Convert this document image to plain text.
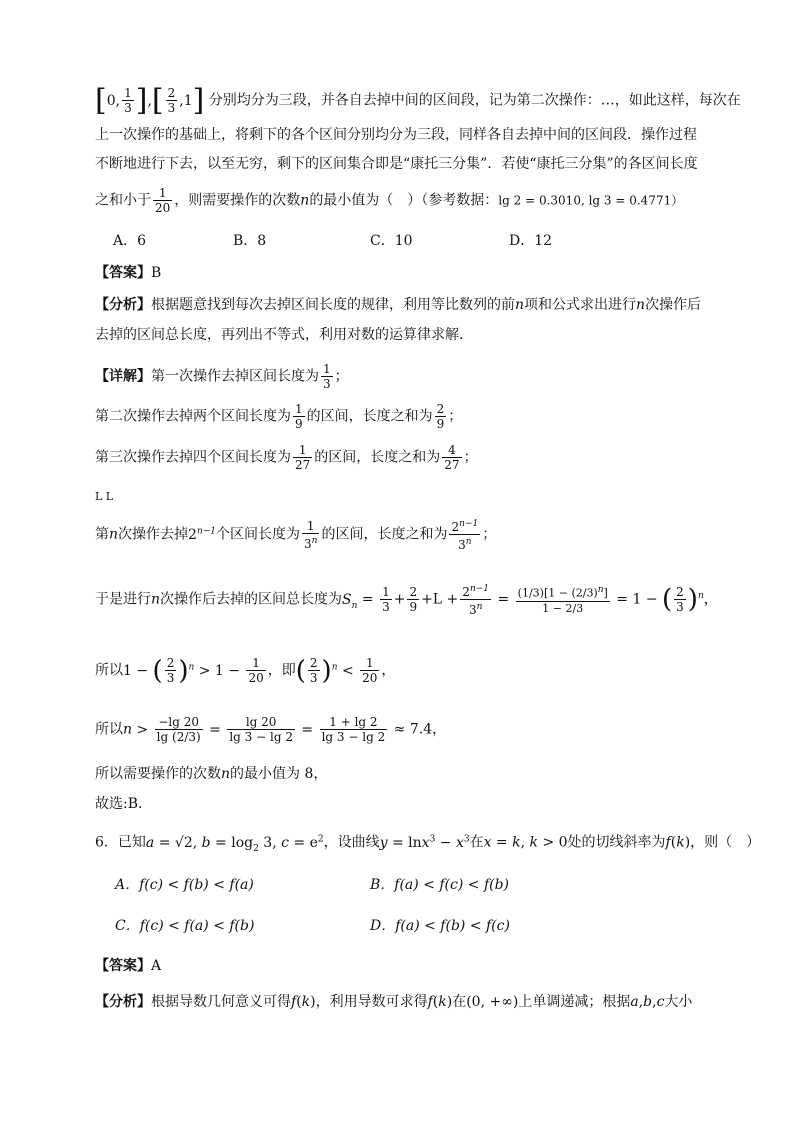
[0, $\frac{1}{3}$ ],[ $\frac{2}{3} ,1$] 分别均分为三段，并各自去掉中间的区间段，记为第二次操作：…，如此这样，每次在
上一次操作的基础上，将剩下的各个区间分别均分为三段，同样各自去掉中间的区间段．操作过程
不断地进行下去，以至无穷，剩下的区间集合即是“康托三分集”．若使“康托三分集”的各区间长度
之和小于 $\frac{1}{20}$ ，则需要操作的次数n的最小值为（　）（参考数据：lg 2 = 0.3010, lg 3 = 0.4771）
A．6	B．8	C．10	D．12
【答案】B
【分析】根据题意找到每次去掉区间长度的规律，利用等比数列的前n项和公式求出进行n次操作后
去掉的区间总长度，再列出不等式，利用对数的运算律求解.
【详解】第一次操作去掉区间长度为 $\frac{1}{3}$ ；
第二次操作去掉两个区间长度为 $\frac{1}{9}$ 的区间，长度之和为 $\frac{2}{9}$ ；
第三次操作去掉四个区间长度为 $\frac{1}{27}$ 的区间，长度之和为 $\frac{4}{27}$ ；
L L
第n次操作去掉$2^{n-1}$个区间长度为 $\frac{1}{3^n}$ 的区间，长度之和为 $\frac{2^{n-1}}{3^n}$ ；
于是进行n次操作后去掉的区间总长度为$S_n = \frac{1}{3} + \frac{2}{9} +L + \frac{2^{n-1}}{3^n} = \frac{(1/3)[1 - (2/3)^n]}{1 - 2/3} = 1$ − ( $\frac{2}{3} )^n$，
所以1 − ( $\frac{2}{3} )^n > 1 - \frac{1}{20}$ ，即( $\frac{2}{3} )^n < \frac{1}{20}$ ，
所以$n > \frac{-\lg 20}{\lg (2/3)} = \frac{\lg 20}{\lg 3 - \lg 2} = \frac{1 + \lg 2}{\lg 3 - \lg 2} \approx 7.4$，
所以需要操作的次数n的最小值为 8，
故选:B.
6．已知a = √2, $b = \log_2 3$, $c = e^2$，设曲线$y = \ln x^3 - x^3$在x = k, k > 0处的切线斜率为f(k)，则（　）
A．f(c) < f(b) < f(a)	B．f(a) < f(c) < f(b)
C．f(c) < f(a) < f(b)	D．f(a) < f(b) < f(c)
【答案】A
【分析】根据导数几何意义可得f(k)，利用导数可求得f(k)在(0, +∞)上单调递减；根据a,b,c大小
